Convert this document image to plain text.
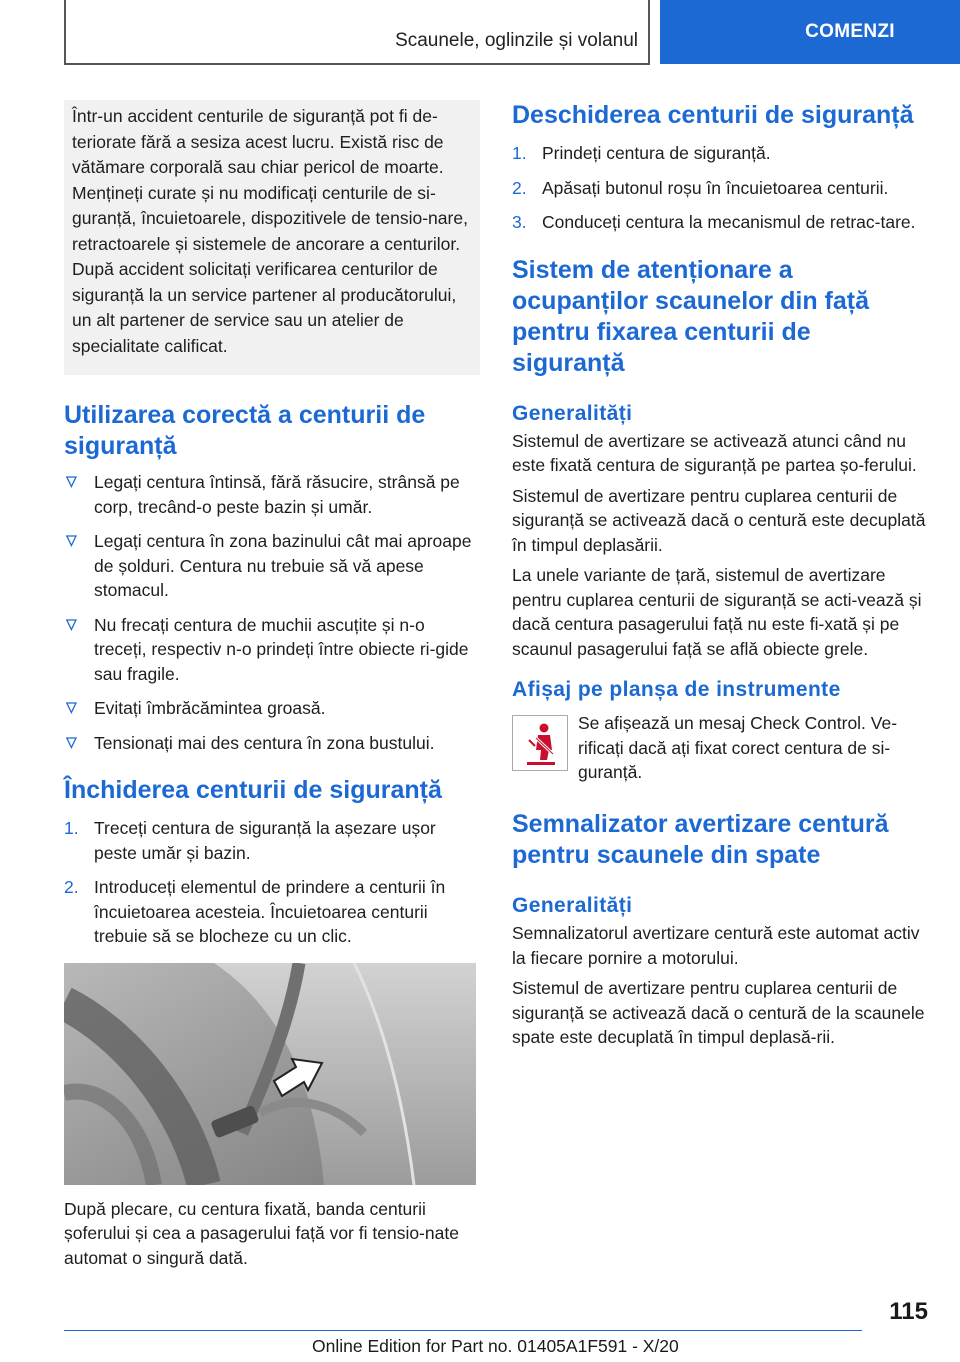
Scaunele, oglinzile și volanul	COMENZI

Într-un accident centurile de siguranță pot fi de-teriorate fără a sesiza acest lucru. Există risc de vătămare corporală sau chiar pericol de moarte. Mențineți curate și nu modificați centurile de si-guranță, încuietoarele, dispozitivele de tensio-nare, retractoarele și sistemele de ancorare a centurilor. După accident solicitați verificarea centurilor de siguranță la un service partener al producătorului, un alt partener de service sau un atelier de specialitate calificat.

Utilizarea corectă a centurii de siguranță
Legați centura întinsă, fără răsucire, strânsă pe corp, trecând-o peste bazin și umăr.
Legați centura în zona bazinului cât mai aproape de șolduri. Centura nu trebuie să vă apese stomacul.
Nu frecați centura de muchii ascuțite și n-o treceți, respectiv n-o prindeți între obiecte ri-gide sau fragile.
Evitați îmbrăcămintea groasă.
Tensionați mai des centura în zona bustului.
Închiderea centurii de siguranță
1. Treceți centura de siguranță la așezare ușor peste umăr și bazin.
2. Introduceți elementul de prindere a centurii în încuietoarea acesteia. Încuietoarea centurii trebuie să se blocheze cu un clic.

După plecare, cu centura fixată, banda centurii șoferului și cea a pasagerului față vor fi tensio-nate automat o singură dată.

Deschiderea centurii de siguranță
1. Prindeți centura de siguranță.
2. Apăsați butonul roșu în încuietoarea centurii.
3. Conduceți centura la mecanismul de retrac-tare.
Sistem de atenționare a ocupanților scaunelor din față pentru fixarea centurii de siguranță
Generalități

Sistemul de avertizare se activează atunci când nu este fixată centura de siguranță pe partea șo-ferului.

Sistemul de avertizare pentru cuplarea centurii de siguranță se activează dacă o centură este decuplată în timpul deplasării.

La unele variante de țară, sistemul de avertizare pentru cuplarea centurii de siguranță se acti-vează și dacă centura pasagerului față nu este fi-xată și pe scaunul pasagerului față se află obiecte grele.

Afișaj pe planșa de instrumente

Se afișează un mesaj Check Control. Ve-rificați dacă ați fixat corect centura de si-guranță.

Semnalizator avertizare centură pentru scaunele din spate
Generalități

Semnalizatorul avertizare centură este automat activ la fiecare pornire a motorului.

Sistemul de avertizare pentru cuplarea centurii de siguranță se activează dacă o centură de la scaunele spate este decuplată în timpul deplasă-rii.

115
Online Edition for Part no. 01405A1F591 - X/20
